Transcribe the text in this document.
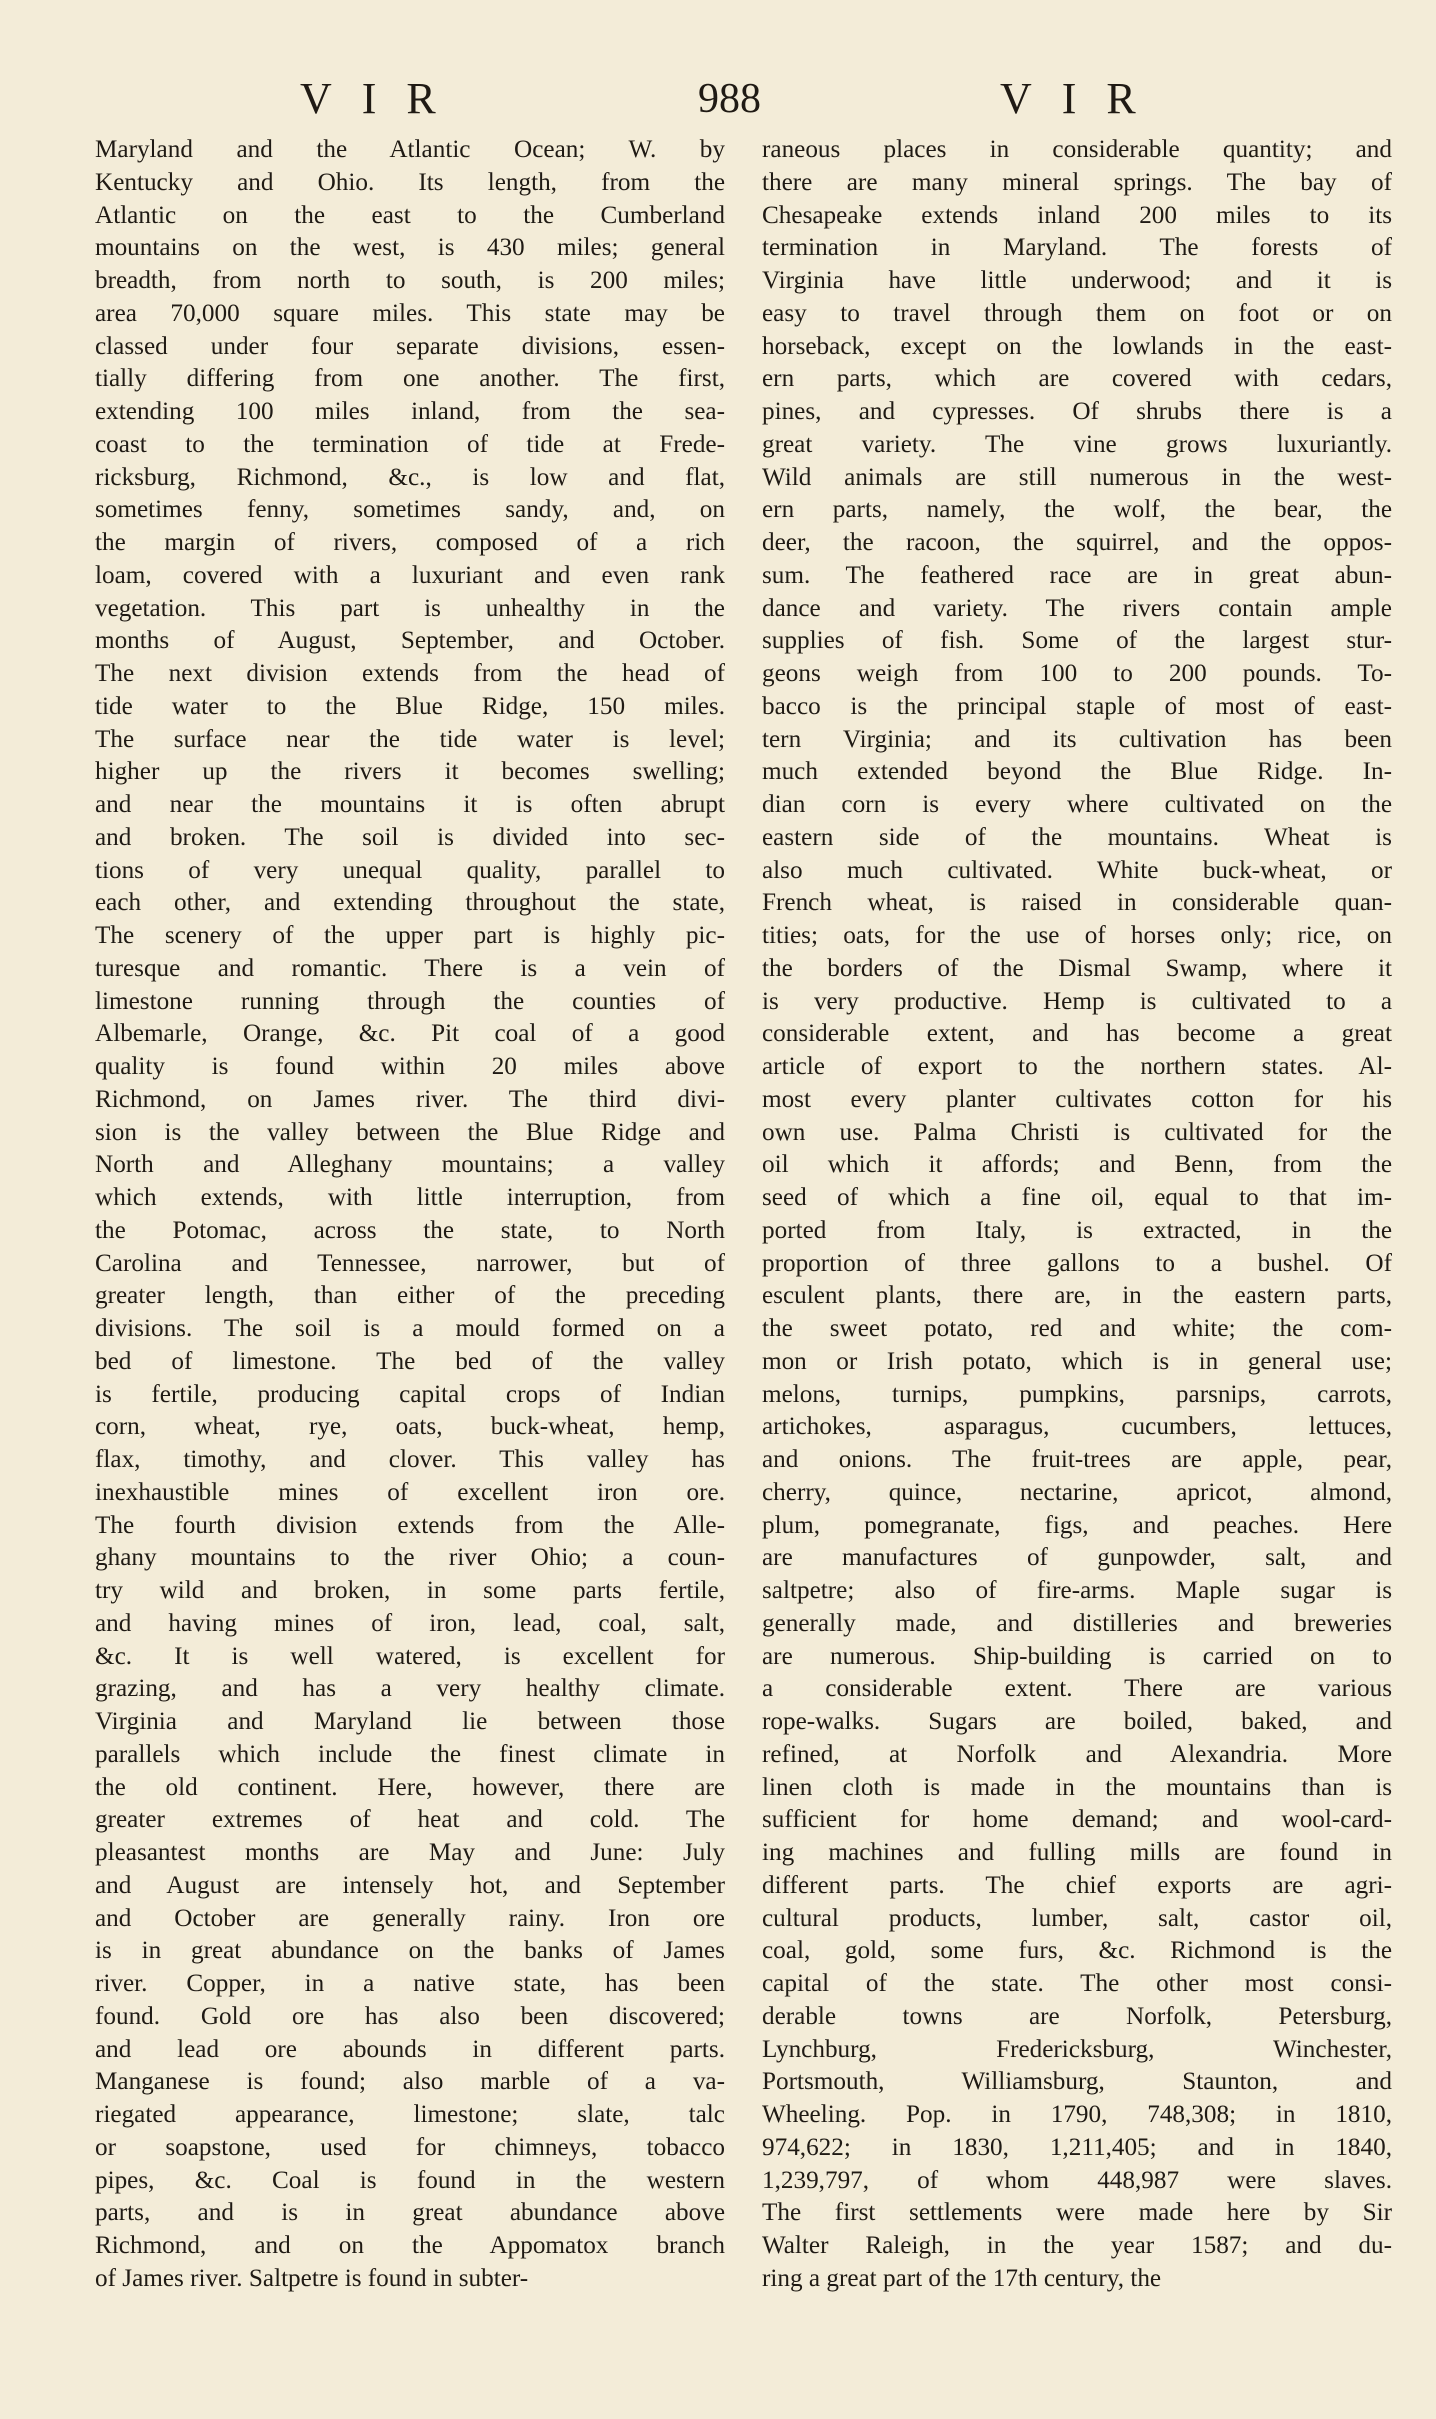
VIR	988	VIR
Maryland and the Atlantic Ocean; W. by
Kentucky and Ohio. Its length, from the
Atlantic on the east to the Cumberland
mountains on the west, is 430 miles; general
breadth, from north to south, is 200 miles;
area 70,000 square miles. This state may be
classed under four separate divisions, essen-
tially differing from one another. The first,
extending 100 miles inland, from the sea-
coast to the termination of tide at Frede-
ricksburg, Richmond, &c., is low and flat,
sometimes fenny, sometimes sandy, and, on
the margin of rivers, composed of a rich
loam, covered with a luxuriant and even rank
vegetation. This part is unhealthy in the
months of August, September, and October.
The next division extends from the head of
tide water to the Blue Ridge, 150 miles.
The surface near the tide water is level;
higher up the rivers it becomes swelling;
and near the mountains it is often abrupt
and broken. The soil is divided into sec-
tions of very unequal quality, parallel to
each other, and extending throughout the state,
The scenery of the upper part is highly pic-
turesque and romantic. There is a vein of
limestone running through the counties of
Albemarle, Orange, &c. Pit coal of a good
quality is found within 20 miles above
Richmond, on James river. The third divi-
sion is the valley between the Blue Ridge and
North and Alleghany mountains; a valley
which extends, with little interruption, from
the Potomac, across the state, to North
Carolina and Tennessee, narrower, but of
greater length, than either of the preceding
divisions. The soil is a mould formed on a
bed of limestone. The bed of the valley
is fertile, producing capital crops of Indian
corn, wheat, rye, oats, buck-wheat, hemp,
flax, timothy, and clover. This valley has
inexhaustible mines of excellent iron ore.
The fourth division extends from the Alle-
ghany mountains to the river Ohio; a coun-
try wild and broken, in some parts fertile,
and having mines of iron, lead, coal, salt,
&c. It is well watered, is excellent for
grazing, and has a very healthy climate.
Virginia and Maryland lie between those
parallels which include the finest climate in
the old continent. Here, however, there are
greater extremes of heat and cold. The
pleasantest months are May and June: July
and August are intensely hot, and September
and October are generally rainy. Iron ore
is in great abundance on the banks of James
river. Copper, in a native state, has been
found. Gold ore has also been discovered;
and lead ore abounds in different parts.
Manganese is found; also marble of a va-
riegated appearance, limestone; slate, talc
or soapstone, used for chimneys, tobacco
pipes, &c. Coal is found in the western
parts, and is in great abundance above
Richmond, and on the Appomatox branch
of James river. Saltpetre is found in subter-
raneous places in considerable quantity; and
there are many mineral springs. The bay of
Chesapeake extends inland 200 miles to its
termination in Maryland. The forests of
Virginia have little underwood; and it is
easy to travel through them on foot or on
horseback, except on the lowlands in the east-
ern parts, which are covered with cedars,
pines, and cypresses. Of shrubs there is a
great variety. The vine grows luxuriantly.
Wild animals are still numerous in the west-
ern parts, namely, the wolf, the bear, the
deer, the racoon, the squirrel, and the oppos-
sum. The feathered race are in great abun-
dance and variety. The rivers contain ample
supplies of fish. Some of the largest stur-
geons weigh from 100 to 200 pounds. To-
bacco is the principal staple of most of east-
tern Virginia; and its cultivation has been
much extended beyond the Blue Ridge. In-
dian corn is every where cultivated on the
eastern side of the mountains. Wheat is
also much cultivated. White buck-wheat, or
French wheat, is raised in considerable quan-
tities; oats, for the use of horses only; rice, on
the borders of the Dismal Swamp, where it
is very productive. Hemp is cultivated to a
considerable extent, and has become a great
article of export to the northern states. Al-
most every planter cultivates cotton for his
own use. Palma Christi is cultivated for the
oil which it affords; and Benn, from the
seed of which a fine oil, equal to that im-
ported from Italy, is extracted, in the
proportion of three gallons to a bushel. Of
esculent plants, there are, in the eastern parts,
the sweet potato, red and white; the com-
mon or Irish potato, which is in general use;
melons, turnips, pumpkins, parsnips, carrots,
artichokes, asparagus, cucumbers, lettuces,
and onions. The fruit-trees are apple, pear,
cherry, quince, nectarine, apricot, almond,
plum, pomegranate, figs, and peaches. Here
are manufactures of gunpowder, salt, and
saltpetre; also of fire-arms. Maple sugar is
generally made, and distilleries and breweries
are numerous. Ship-building is carried on to
a considerable extent. There are various
rope-walks. Sugars are boiled, baked, and
refined, at Norfolk and Alexandria. More
linen cloth is made in the mountains than is
sufficient for home demand; and wool-card-
ing machines and fulling mills are found in
different parts. The chief exports are agri-
cultural products, lumber, salt, castor oil,
coal, gold, some furs, &c. Richmond is the
capital of the state. The other most consi-
derable towns are Norfolk, Petersburg,
Lynchburg, Fredericksburg, Winchester,
Portsmouth, Williamsburg, Staunton, and
Wheeling. Pop. in 1790, 748,308; in 1810,
974,622; in 1830, 1,211,405; and in 1840,
1,239,797, of whom 448,987 were slaves.
The first settlements were made here by Sir
Walter Raleigh, in the year 1587; and du-
ring a great part of the 17th century, the
